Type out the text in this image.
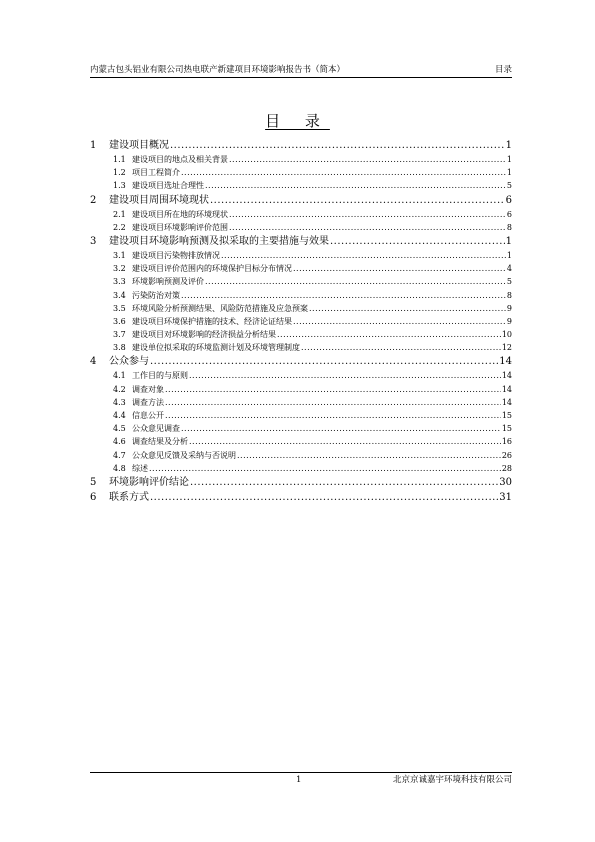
内蒙古包头铝业有限公司热电联产新建项目环境影响报告书（简本）	目录
目 录
1	建设项目概况 .....	1
1.1 建设项目的地点及相关背景 .....	1
1.2 项目工程简介 .....	1
1.3 建设项目选址合理性 .....	5
2	建设项目周围环境现状 .....	6
2.1 建设项目所在地的环境现状 .....	6
2.2 建设项目环境影响评价范围 .....	8
3	建设项目环境影响预测及拟采取的主要措施与效果 .....	1
3.1 建设项目污染物排放情况 .....	1
3.2 建设项目评价范围内的环境保护目标分布情况 .....	4
3.3 环境影响预测及评价 .....	5
3.4 污染防治对策 .....	8
3.5 环境风险分析预测结果、风险防范措施及应急预案 .....	9
3.6 建设项目环境保护措施的技术、经济论证结果 .....	9
3.7 建设项目对环境影响的经济损益分析结果 .....	10
3.8 建设单位拟采取的环境监测计划及环境管理制度 .....	12
4	公众参与 .....	14
4.1 工作目的与原则 .....	14
4.2 调查对象 .....	14
4.3 调查方法 .....	14
4.4 信息公开 .....	15
4.5 公众意见调查 .....	15
4.6 调查结果及分析 .....	16
4.7 公众意见反馈及采纳与否说明 .....	26
4.8 综述 .....	28
5	环境影响评价结论 .....	30
6	联系方式 .....	31
1	北京京诚嘉宇环境科技有限公司
